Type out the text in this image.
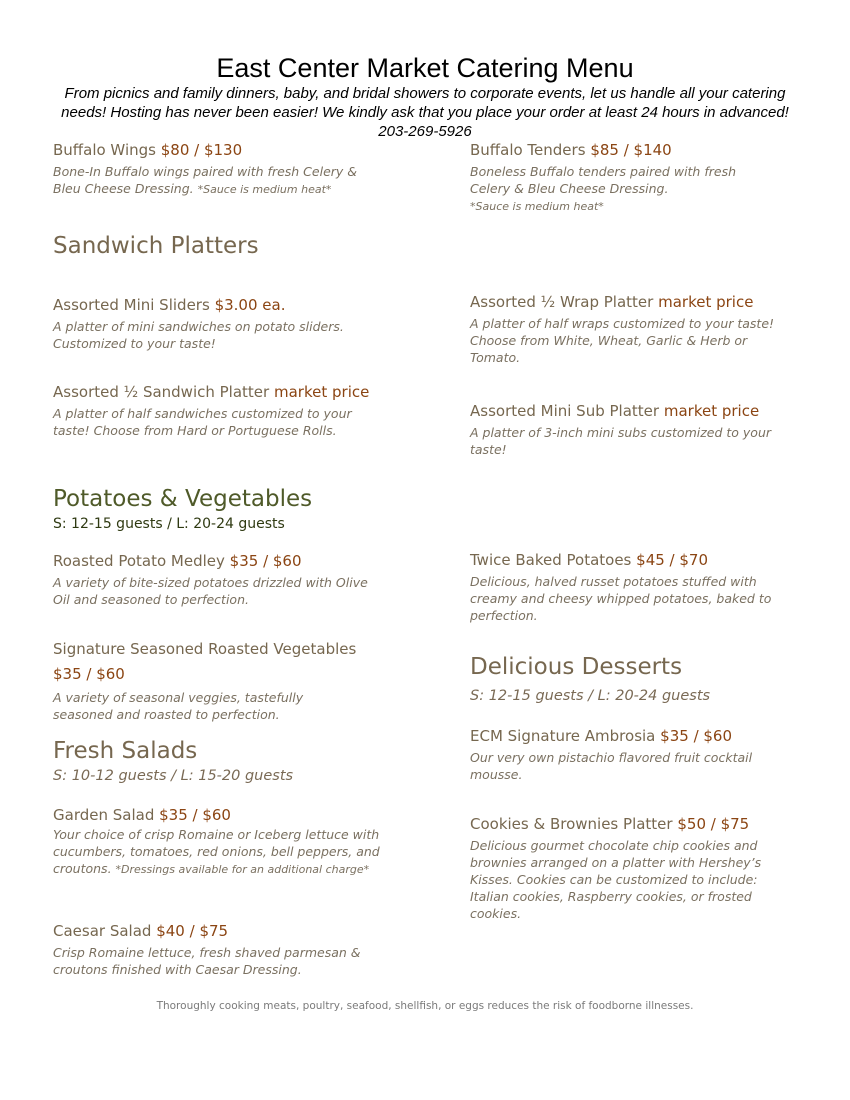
East Center Market Catering Menu
From picnics and family dinners, baby, and bridal showers to corporate events, let us handle all your catering needs! Hosting has never been easier! We kindly ask that you place your order at least 24 hours in advanced!
203-269-5926
Buffalo Wings $80 / $130
Bone-In Buffalo wings paired with fresh Celery & Bleu Cheese Dressing. *Sauce is medium heat*
Buffalo Tenders $85 / $140
Boneless Buffalo tenders paired with fresh Celery & Bleu Cheese Dressing.
*Sauce is medium heat*
Sandwich Platters
Assorted Mini Sliders $3.00 ea.
A platter of mini sandwiches on potato sliders. Customized to your taste!
Assorted ½ Wrap Platter market price
A platter of half wraps customized to your taste! Choose from White, Wheat, Garlic & Herb or Tomato.
Assorted ½ Sandwich Platter market price
A platter of half sandwiches customized to your taste! Choose from Hard or Portuguese Rolls.
Assorted Mini Sub Platter market price
A platter of 3-inch mini subs customized to your taste!
Potatoes & Vegetables
S: 12-15 guests / L: 20-24 guests
Roasted Potato Medley $35 / $60
A variety of bite-sized potatoes drizzled with Olive Oil and seasoned to perfection.
Twice Baked Potatoes $45 / $70
Delicious, halved russet potatoes stuffed with creamy and cheesy whipped potatoes, baked to perfection.
Signature Seasoned Roasted Vegetables
$35 / $60
A variety of seasonal veggies, tastefully seasoned and roasted to perfection.
Delicious Desserts
S: 12-15 guests / L: 20-24 guests
ECM Signature Ambrosia $35 / $60
Our very own pistachio flavored fruit cocktail mousse.
Cookies & Brownies Platter $50 / $75
Delicious gourmet chocolate chip cookies and brownies arranged on a platter with Hershey’s Kisses. Cookies can be customized to include: Italian cookies, Raspberry cookies, or frosted cookies.
Fresh Salads
S: 10-12 guests / L: 15-20 guests
Garden Salad $35 / $60
Your choice of crisp Romaine or Iceberg lettuce with cucumbers, tomatoes, red onions, bell peppers, and croutons. *Dressings available for an additional charge*
Caesar Salad $40 / $75
Crisp Romaine lettuce, fresh shaved parmesan & croutons finished with Caesar Dressing.
Thoroughly cooking meats, poultry, seafood, shellfish, or eggs reduces the risk of foodborne illnesses.
